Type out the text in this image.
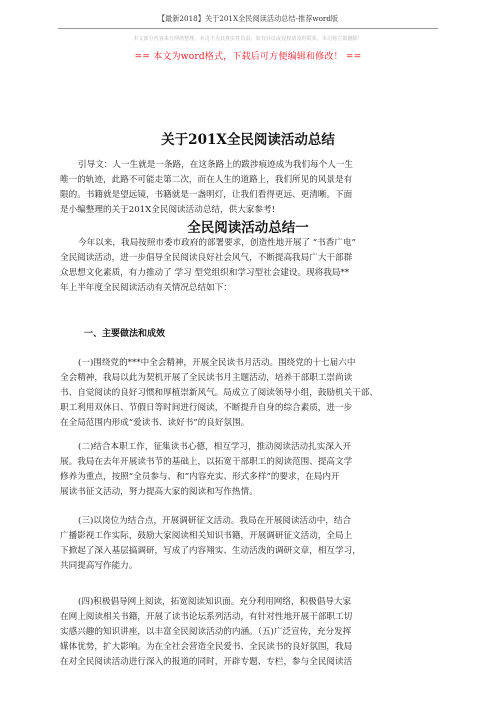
【最新2018】关于201X全民阅读活动总结-推荐word版
本文部分内容来自网络整理，本司不为其真实性负责，如有异议或侵权请及时联系，本司将立即删除！
== 本文为word格式，下载后可方便编辑和修改！ ==
关于201X全民阅读活动总结
引导文：人一生就是一条路，在这条路上的跋涉痕迹成为我们每个人一生
唯一的轨迹，此路不可能走第二次，而在人生的道路上，我们所见的风景是有
限的。书籍就是望远镜，书籍就是一盏明灯，让我们看得更远、更清晰。下面
是小编整理的关于201X全民阅读活动总结，供大家参考!
全民阅读活动总结一
今年以来，我局按照市委市政府的部署要求，创造性地开展了 “书香广电”
全民阅读活动，进一步倡导全民阅读良好社会风气，不断提高我局广大干部群
众思想文化素质，有力推动了 学习 型党组织和学习型社会建设。现将我局**
年上半年度全民阅读活动有关情况总结如下：
一、主要做法和成效
(一)围绕党的***中全会精神，开展全民读书月活动。围绕党的十七届六中
全会精神，我局以此为契机开展了全民读书月主题活动，培养干部职工崇尚读
书、自觉阅读的良好习惯和厚植崇新风气。局成立了阅读领导小组，鼓励机关干部、
职工利用双休日、节假日等时间进行阅读，不断提升自身的综合素质，进一步
在全局范围内形成“爱读书、读好书”的良好氛围。
(二)结合本职工作，征集读书心德，相互学习，推动阅读活动扎实深入开
展。我局在去年开展读书节的基础上，以拓宽干部职工的阅读范围、提高文学
修养为重点，按照“全员参与、和“内容充实、形式多样”的要求，在局内开
展读书征文活动，努力提高大家的阅读和写作热情。
(三)以岗位为结合点，开展调研征文活动。我局在开展阅读活动中，结合
广播影视工作实际，鼓励大家阅读相关知识书籍，开展调研征文活动，全局上
下掀起了深入基层搞调研，写成了内容翔实、生动活泼的调研文章，相互学习，
共同提高写作能力。
(四)积极倡导网上阅读，拓宽阅读知识面。充分利用网络，积极倡导大家
在网上阅读相关书籍，开展了读书论坛系列活动，有针对性地开展干部职工切
实感兴趣的知识讲座，以丰富全民阅读活动的内涵。（五)广泛宣传，充分发挥
媒体优势，扩大影响。为在全社会营造全民爱书、全民读书的良好氛围，我局
在对全民阅读活动进行深入的报道的同时，开辟专题、专栏，参与全民阅读活
